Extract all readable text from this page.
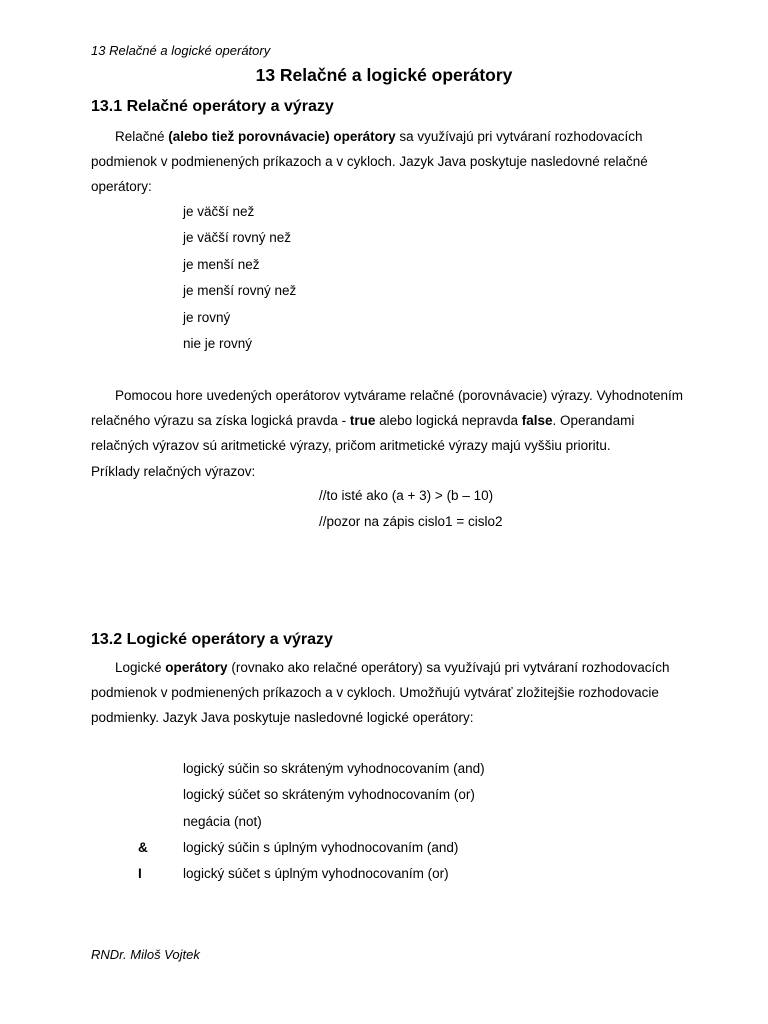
13 Relačné a logické operátory
13 Relačné a logické operátory
13.1 Relačné operátory a výrazy

Relačné (alebo tiež porovnávacie) operátory sa využívajú pri vytváraní rozhodovacích podmienok v podmienených príkazoch a v cykloch. Jazyk Java poskytuje nasledovné relačné operátory:

je väčší než
je väčší rovný než
je menší než
je menší rovný než
je rovný
nie je rovný

Pomocou hore uvedených operátorov vytvárame relačné (porovnávacie) výrazy. Vyhodnotením relačného výrazu sa získa logická pravda - true alebo logická nepravda false. Operandami relačných výrazov sú aritmetické výrazy, pričom aritmetické výrazy majú vyššiu prioritu.

Príklady relačných výrazov:
//to isté ako (a + 3) > (b – 10)
//pozor na zápis cislo1 = cislo2
13.2 Logické operátory a výrazy

Logické operátory (rovnako ako relačné operátory) sa využívajú pri vytváraní rozhodovacích podmienok v podmienených príkazoch a v cykloch. Umožňujú vytvárať zložitejšie rozhodovacie podmienky. Jazyk Java poskytuje nasledovné logické operátory:

logický súčin so skráteným vyhodnocovaním (and)
logický súčet so skráteným vyhodnocovaním (or)
negácia (not)
&	logický súčin s úplným vyhodnocovaním (and)
I	logický súčet s úplným vyhodnocovaním (or)
RNDr. Miloš Vojtek
